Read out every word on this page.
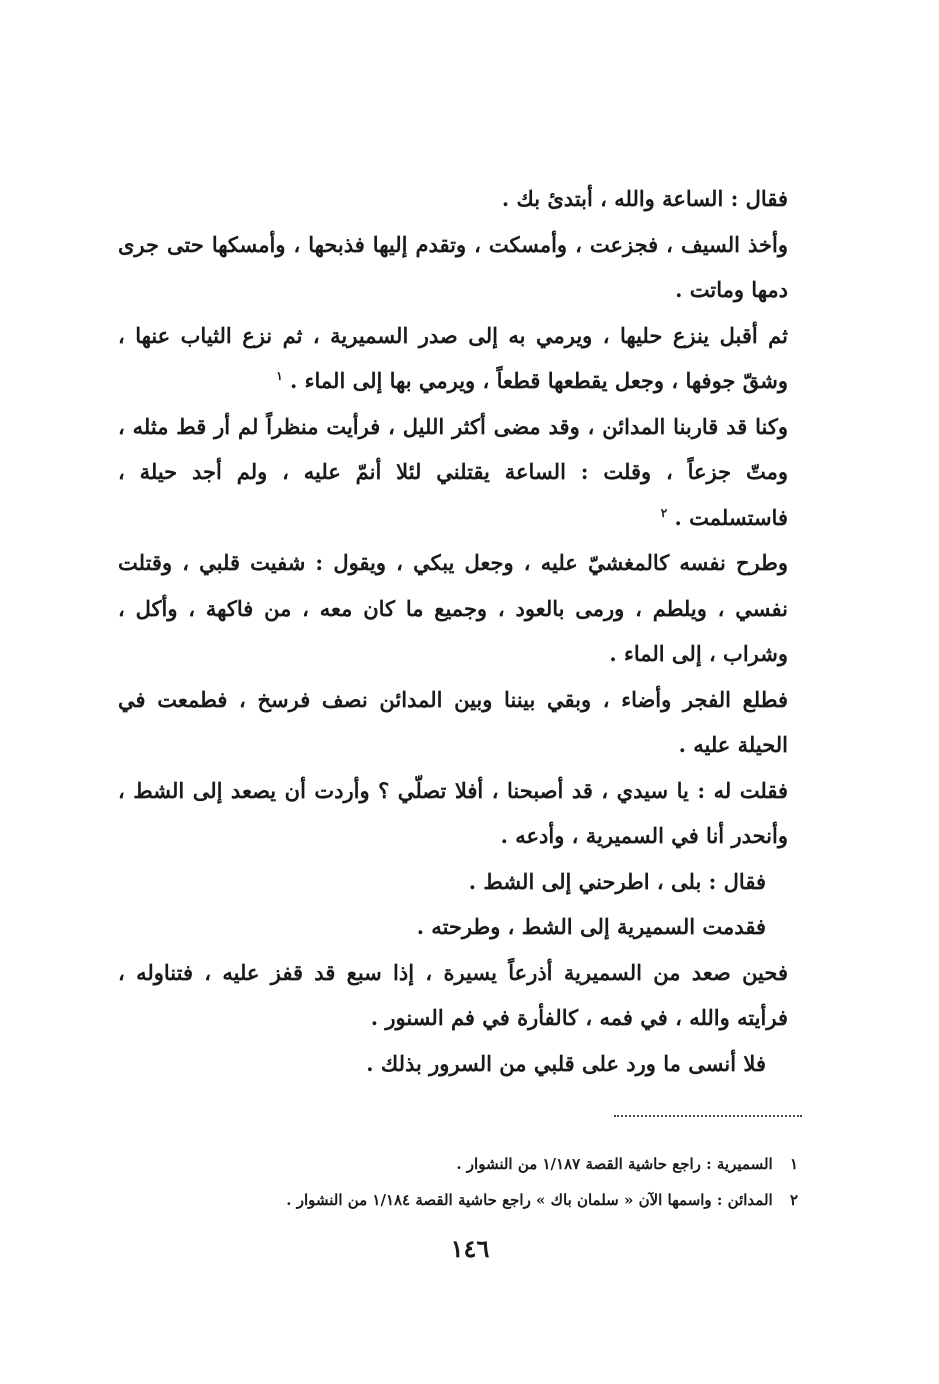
فقال : الساعة والله ، أبتدئ بك .

وأخذ السيف ، فجزعت ، وأمسكت ، وتقدم إليها فذبحها ، وأمسكها حتى جرى دمها وماتت .

ثم أقبل ينزع حليها ، ويرمي به إلى صدر السميرية ، ثم نزع الثياب عنها ، وشقّ جوفها ، وجعل يقطعها قطعاً ، ويرمي بها إلى الماء . $^١$

وكنا قد قاربنا المدائن ، وقد مضى أكثر الليل ، فرأيت منظراً لم أر قط مثله ، ومتّ جزعاً ، وقلت : الساعة يقتلني لئلا أنمّ عليه ، ولم أجد حيلة ، فاستسلمت . $^٢$

وطرح نفسه كالمغشيّ عليه ، وجعل يبكي ، ويقول : شفيت قلبي ، وقتلت نفسي ، ويلطم ، ورمى بالعود ، وجميع ما كان معه ، من فاكهة ، وأكل ، وشراب ، إلى الماء .

فطلع الفجر وأضاء ، وبقي بيننا وبين المدائن نصف فرسخ ، فطمعت في الحيلة عليه .

فقلت له : يا سيدي ، قد أصبحنا ، أفلا تصلّي ؟ وأردت أن يصعد إلى الشط ، وأنحدر أنا في السميرية ، وأدعه .

فقال : بلى ، اطرحني إلى الشط .

فقدمت السميرية إلى الشط ، وطرحته .

فحين صعد من السميرية أذرعاً يسيرة ، إذا سبع قد قفز عليه ، فتناوله ، فرأيته والله ، في فمه ، كالفأرة في فم السنور .

فلا أنسى ما ورد على قلبي من السرور بذلك .

١ السميرية : راجع حاشية القصة ١/١٨٧ من النشوار .

٢ المدائن : واسمها الآن « سلمان باك » راجع حاشية القصة ١/١٨٤ من النشوار .

١٤٦
